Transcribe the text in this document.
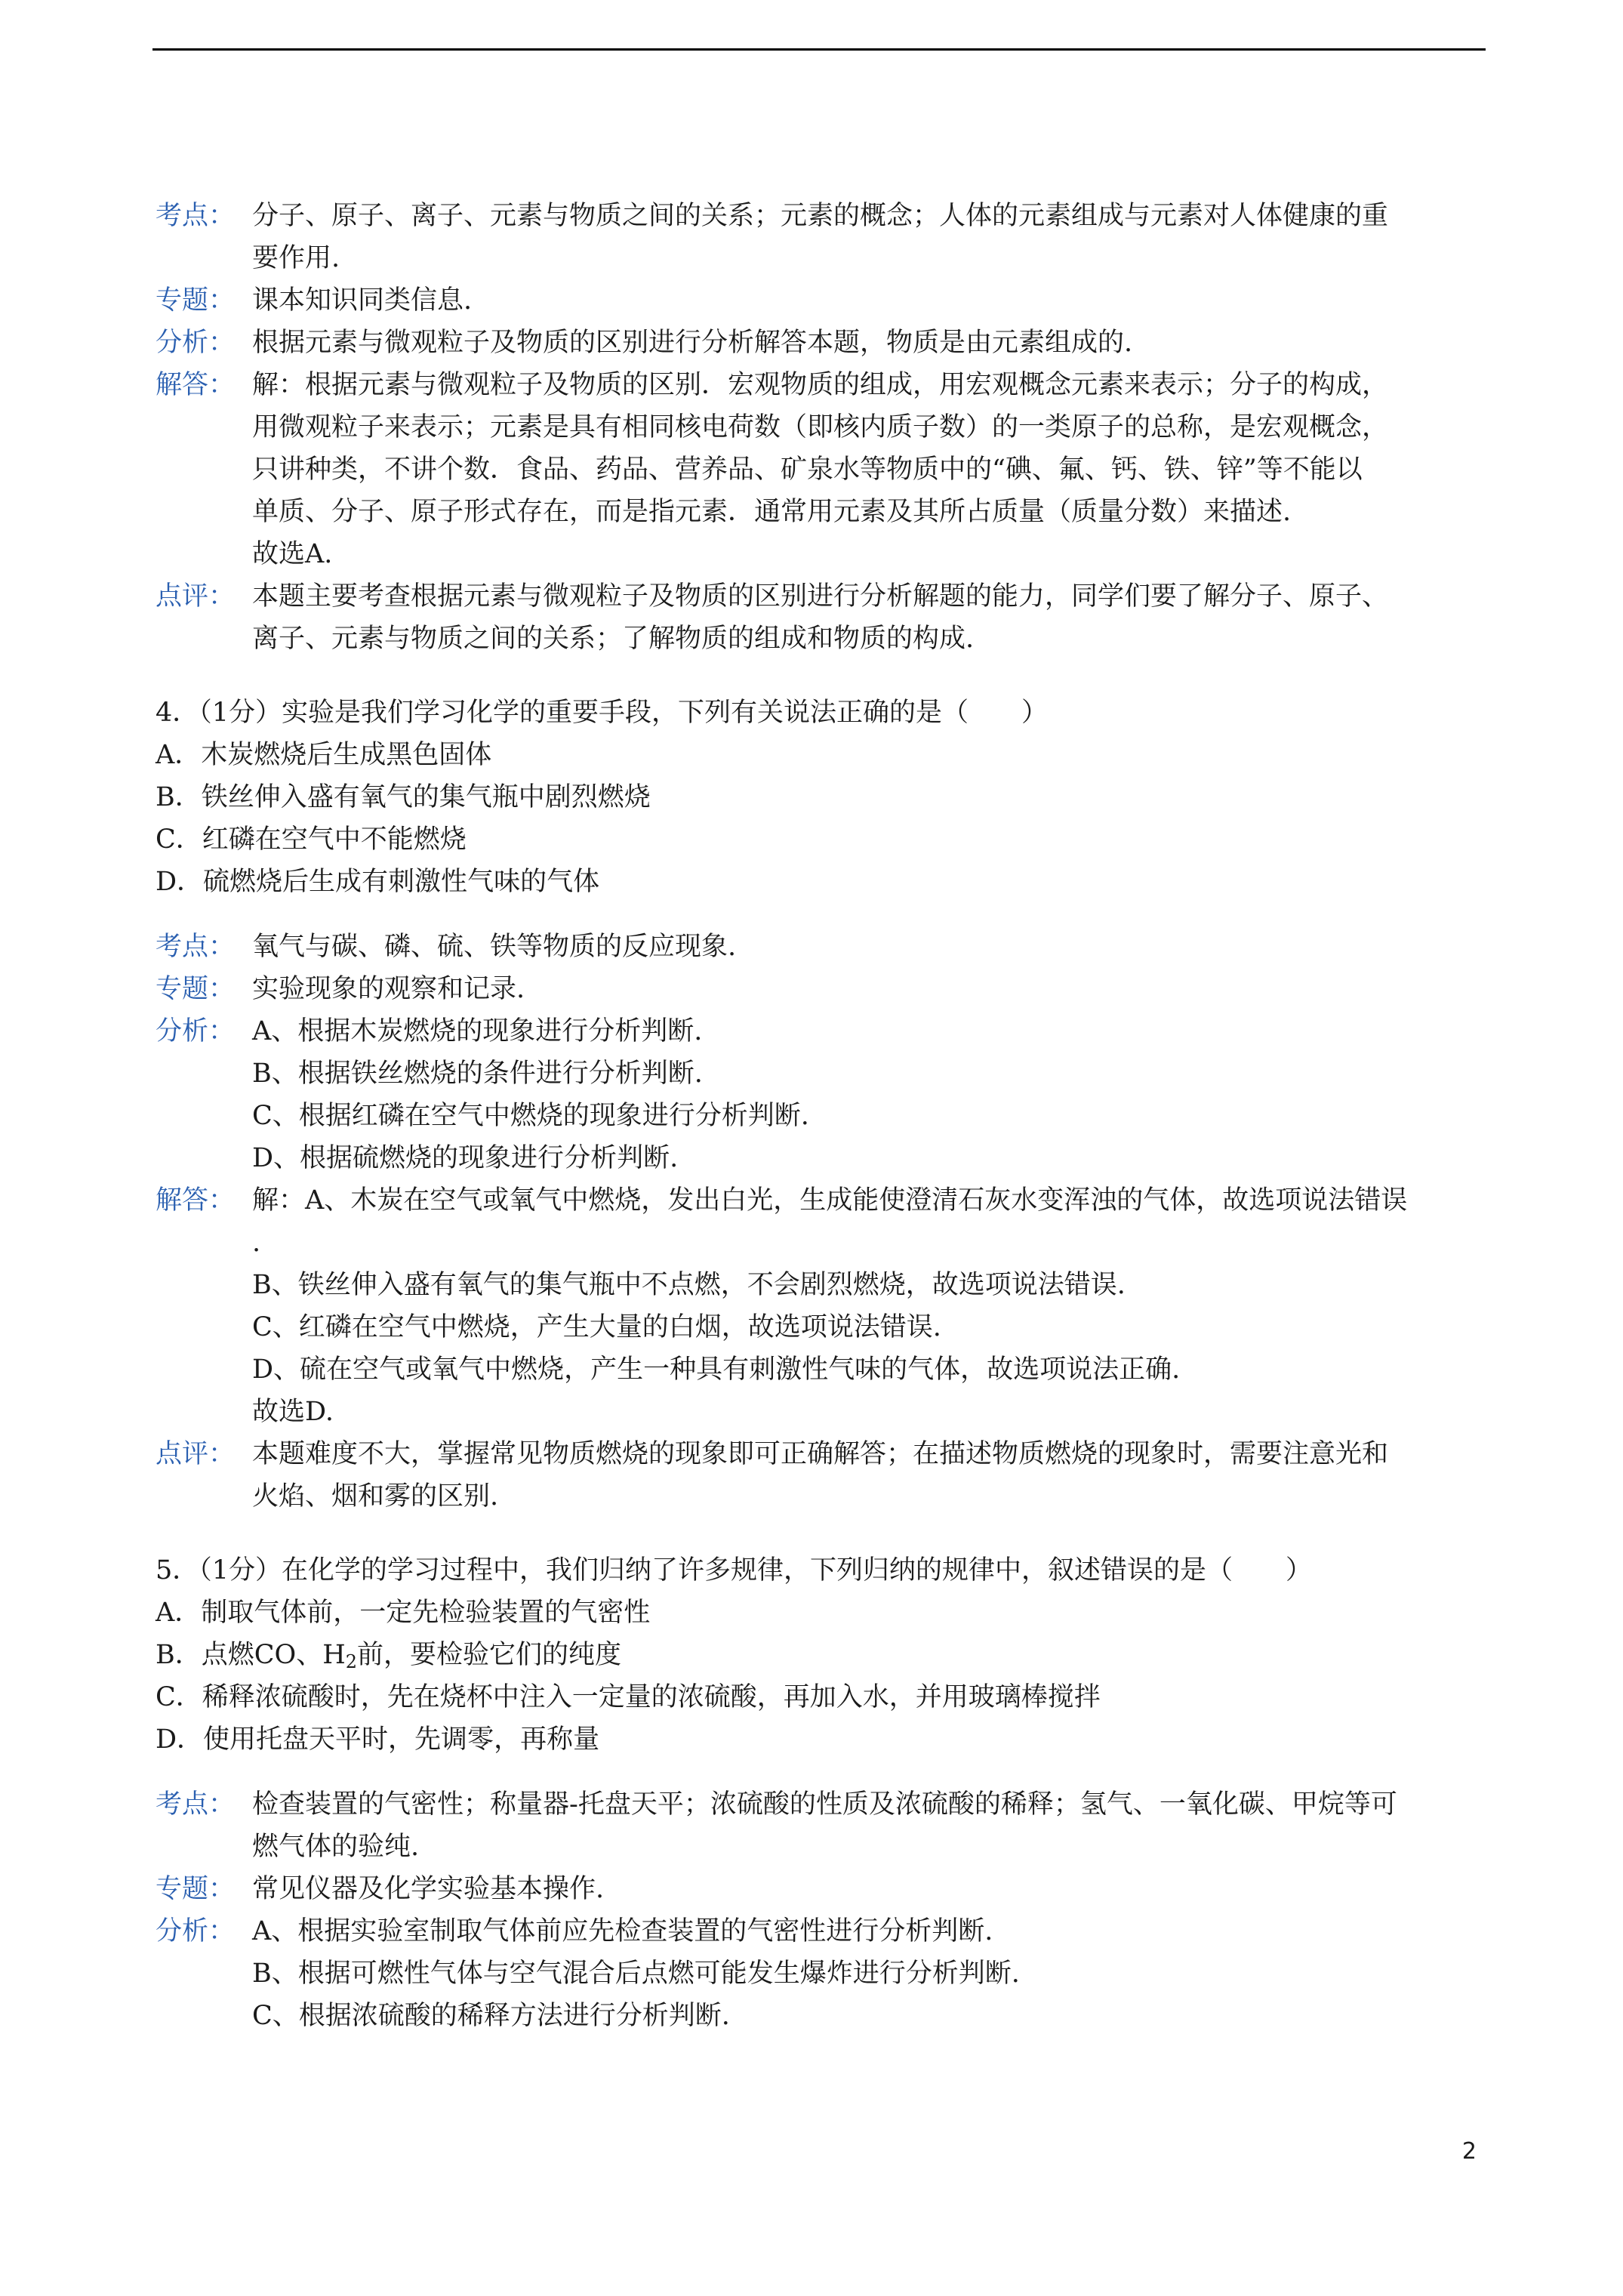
考点： 分子、原子、离子、元素与物质之间的关系；元素的概念；人体的元素组成与元素对人体健康的重

要作用.

专题： 课本知识同类信息.

分析： 根据元素与微观粒子及物质的区别进行分析解答本题，物质是由元素组成的.

解答： 解：根据元素与微观粒子及物质的区别．宏观物质的组成，用宏观概念元素来表示；分子的构成，

用微观粒子来表示；元素是具有相同核电荷数（即核内质子数）的一类原子的总称，是宏观概念，

只讲种类，不讲个数．食品、药品、营养品、矿泉水等物质中的“碘、氟、钙、铁、锌”等不能以

单质、分子、原子形式存在，而是指元素．通常用元素及其所占质量（质量分数）来描述.

故选A.

点评： 本题主要考查根据元素与微观粒子及物质的区别进行分析解题的能力，同学们要了解分子、原子、

离子、元素与物质之间的关系；了解物质的组成和物质的构成.

4．（1分）实验是我们学习化学的重要手段，下列有关说法正确的是（　　）

A．木炭燃烧后生成黑色固体

B．铁丝伸入盛有氧气的集气瓶中剧烈燃烧

C．红磷在空气中不能燃烧

D．硫燃烧后生成有刺激性气味的气体

考点： 氧气与碳、磷、硫、铁等物质的反应现象.

专题： 实验现象的观察和记录.

分析： A、根据木炭燃烧的现象进行分析判断.

B、根据铁丝燃烧的条件进行分析判断.

C、根据红磷在空气中燃烧的现象进行分析判断.

D、根据硫燃烧的现象进行分析判断.

解答： 解：A、木炭在空气或氧气中燃烧，发出白光，生成能使澄清石灰水变浑浊的气体，故选项说法错误

.

B、铁丝伸入盛有氧气的集气瓶中不点燃，不会剧烈燃烧，故选项说法错误.

C、红磷在空气中燃烧，产生大量的白烟，故选项说法错误.

D、硫在空气或氧气中燃烧，产生一种具有刺激性气味的气体，故选项说法正确.

故选D.

点评： 本题难度不大，掌握常见物质燃烧的现象即可正确解答；在描述物质燃烧的现象时，需要注意光和

火焰、烟和雾的区别.

5．（1分）在化学的学习过程中，我们归纳了许多规律，下列归纳的规律中，叙述错误的是（　　）

A．制取气体前，一定先检验装置的气密性

B．点燃CO、$H_2$前，要检验它们的纯度

C．稀释浓硫酸时，先在烧杯中注入一定量的浓硫酸，再加入水，并用玻璃棒搅拌

D．使用托盘天平时，先调零，再称量

考点： 检查装置的气密性；称量器-托盘天平；浓硫酸的性质及浓硫酸的稀释；氢气、一氧化碳、甲烷等可

燃气体的验纯.

专题： 常见仪器及化学实验基本操作.

分析： A、根据实验室制取气体前应先检查装置的气密性进行分析判断.

B、根据可燃性气体与空气混合后点燃可能发生爆炸进行分析判断.

C、根据浓硫酸的稀释方法进行分析判断.

2
